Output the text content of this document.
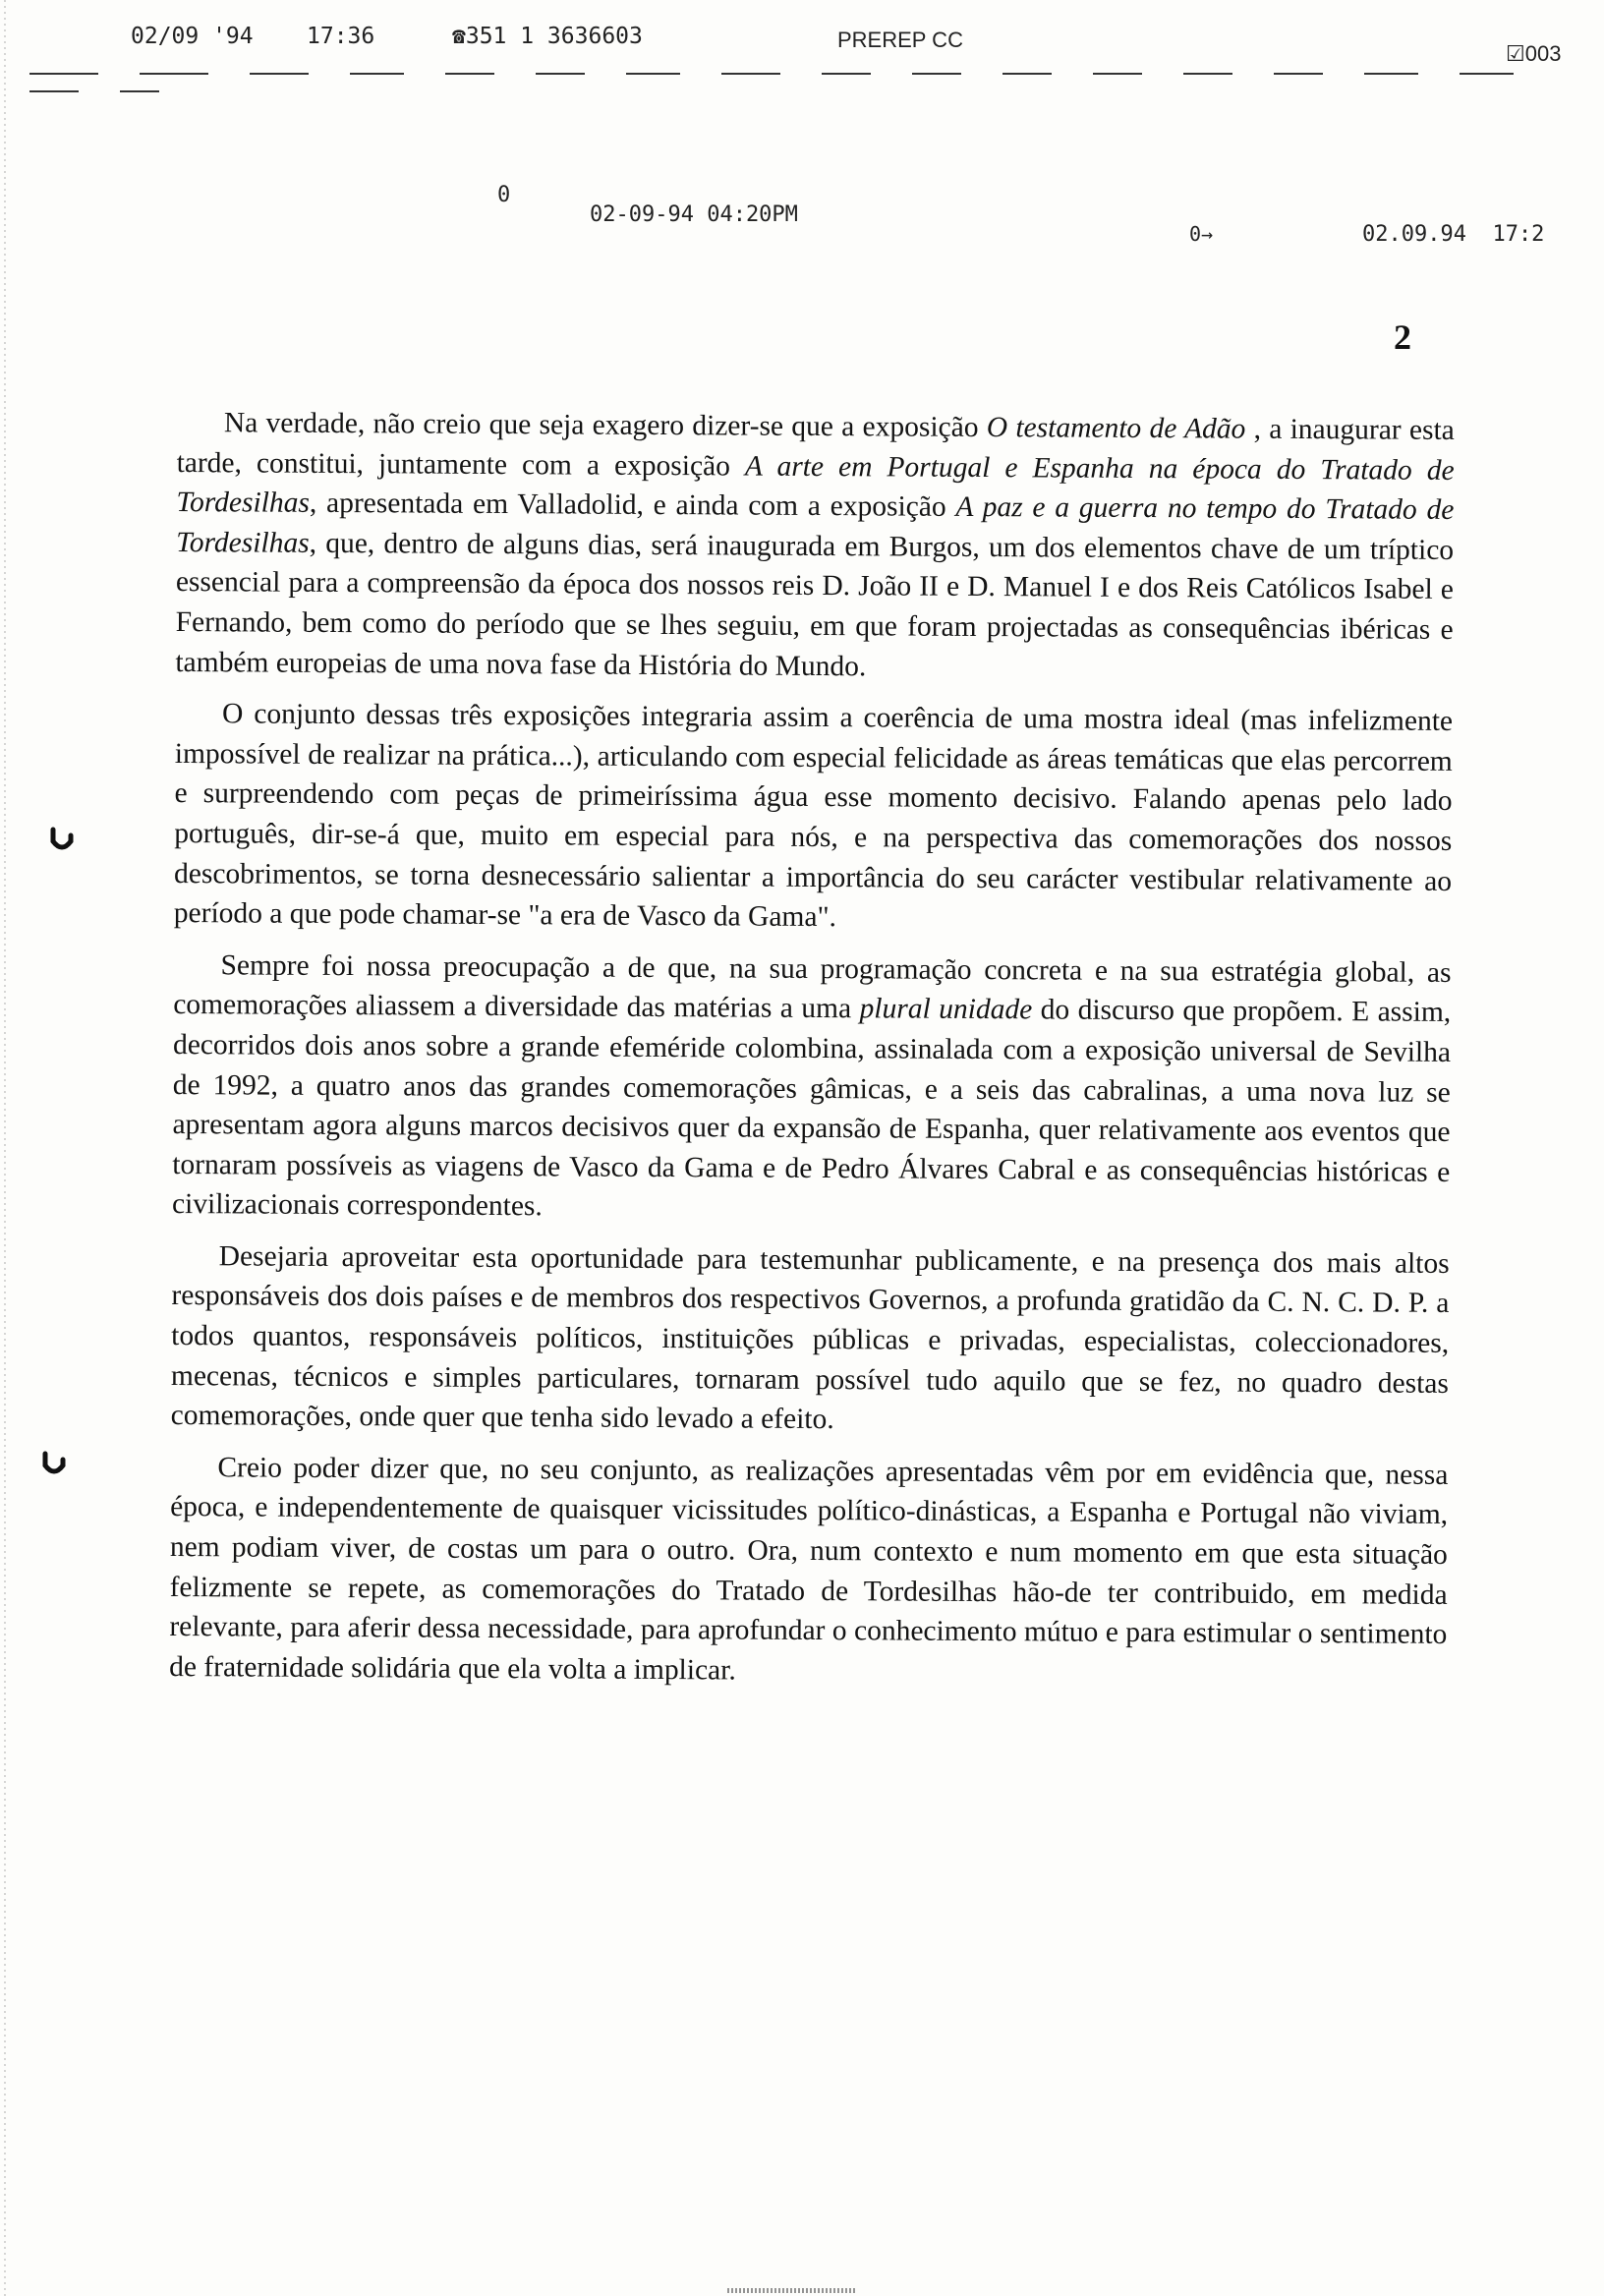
02/09 '94 17:36	☎351 1 3636603	PREREP CC
☑003
0
02-09-94 04:20PM
0→	02.09.94  17:2
2

Na verdade, não creio que seja exagero dizer-se que a exposição O testamento de Adão , a inaugurar esta tarde, constitui, juntamente com a exposição A arte em Portugal e Espanha na época do Tratado de Tordesilhas, apresentada em Valladolid, e ainda com a exposição A paz e a guerra no tempo do Tratado de Tordesilhas, que, dentro de alguns dias, será inaugurada em Burgos, um dos elementos chave de um tríptico essencial para a compreensão da época dos nossos reis D. João II e D. Manuel I e dos Reis Católicos Isabel e Fernando, bem como do período que se lhes seguiu, em que foram projectadas as consequências ibéricas e também europeias de uma nova fase da História do Mundo.

O conjunto dessas três exposições integraria assim a coerência de uma mostra ideal (mas infelizmente impossível de realizar na prática...), articulando com especial felicidade as áreas temáticas que elas percorrem e surpreendendo com peças de primeiríssima água esse momento decisivo. Falando apenas pelo lado português, dir-se-á que, muito em especial para nós, e na perspectiva das comemorações dos nossos descobrimentos, se torna desnecessário salientar a importância do seu carácter vestibular relativamente ao período a que pode chamar-se "a era de Vasco da Gama".

Sempre foi nossa preocupação a de que, na sua programação concreta e na sua estratégia global, as comemorações aliassem a diversidade das matérias a uma plural unidade do discurso que propõem. E assim, decorridos dois anos sobre a grande efeméride colombina, assinalada com a exposição universal de Sevilha de 1992, a quatro anos das grandes comemorações gâmicas, e a seis das cabralinas, a uma nova luz se apresentam agora alguns marcos decisivos quer da expansão de Espanha, quer relativamente aos eventos que tornaram possíveis as viagens de Vasco da Gama e de Pedro Álvares Cabral e as consequências históricas e civilizacionais correspondentes.

Desejaria aproveitar esta oportunidade para testemunhar publicamente, e na presença dos mais altos responsáveis dos dois países e de membros dos respectivos Governos, a profunda gratidão da C. N. C. D. P. a todos quantos, responsáveis políticos, instituições públicas e privadas, especialistas, coleccionadores, mecenas, técnicos e simples particulares, tornaram possível tudo aquilo que se fez, no quadro destas comemorações, onde quer que tenha sido levado a efeito.

Creio poder dizer que, no seu conjunto, as realizações apresentadas vêm por em evidência que, nessa época, e independentemente de quaisquer vicissitudes político-dinásticas, a Espanha e Portugal não viviam, nem podiam viver, de costas um para o outro. Ora, num contexto e num momento em que esta situação felizmente se repete, as comemorações do Tratado de Tordesilhas hão-de ter contribuido, em medida relevante, para aferir dessa necessidade, para aprofundar o conhecimento mútuo e para estimular o sentimento de fraternidade solidária que ela volta a implicar.
